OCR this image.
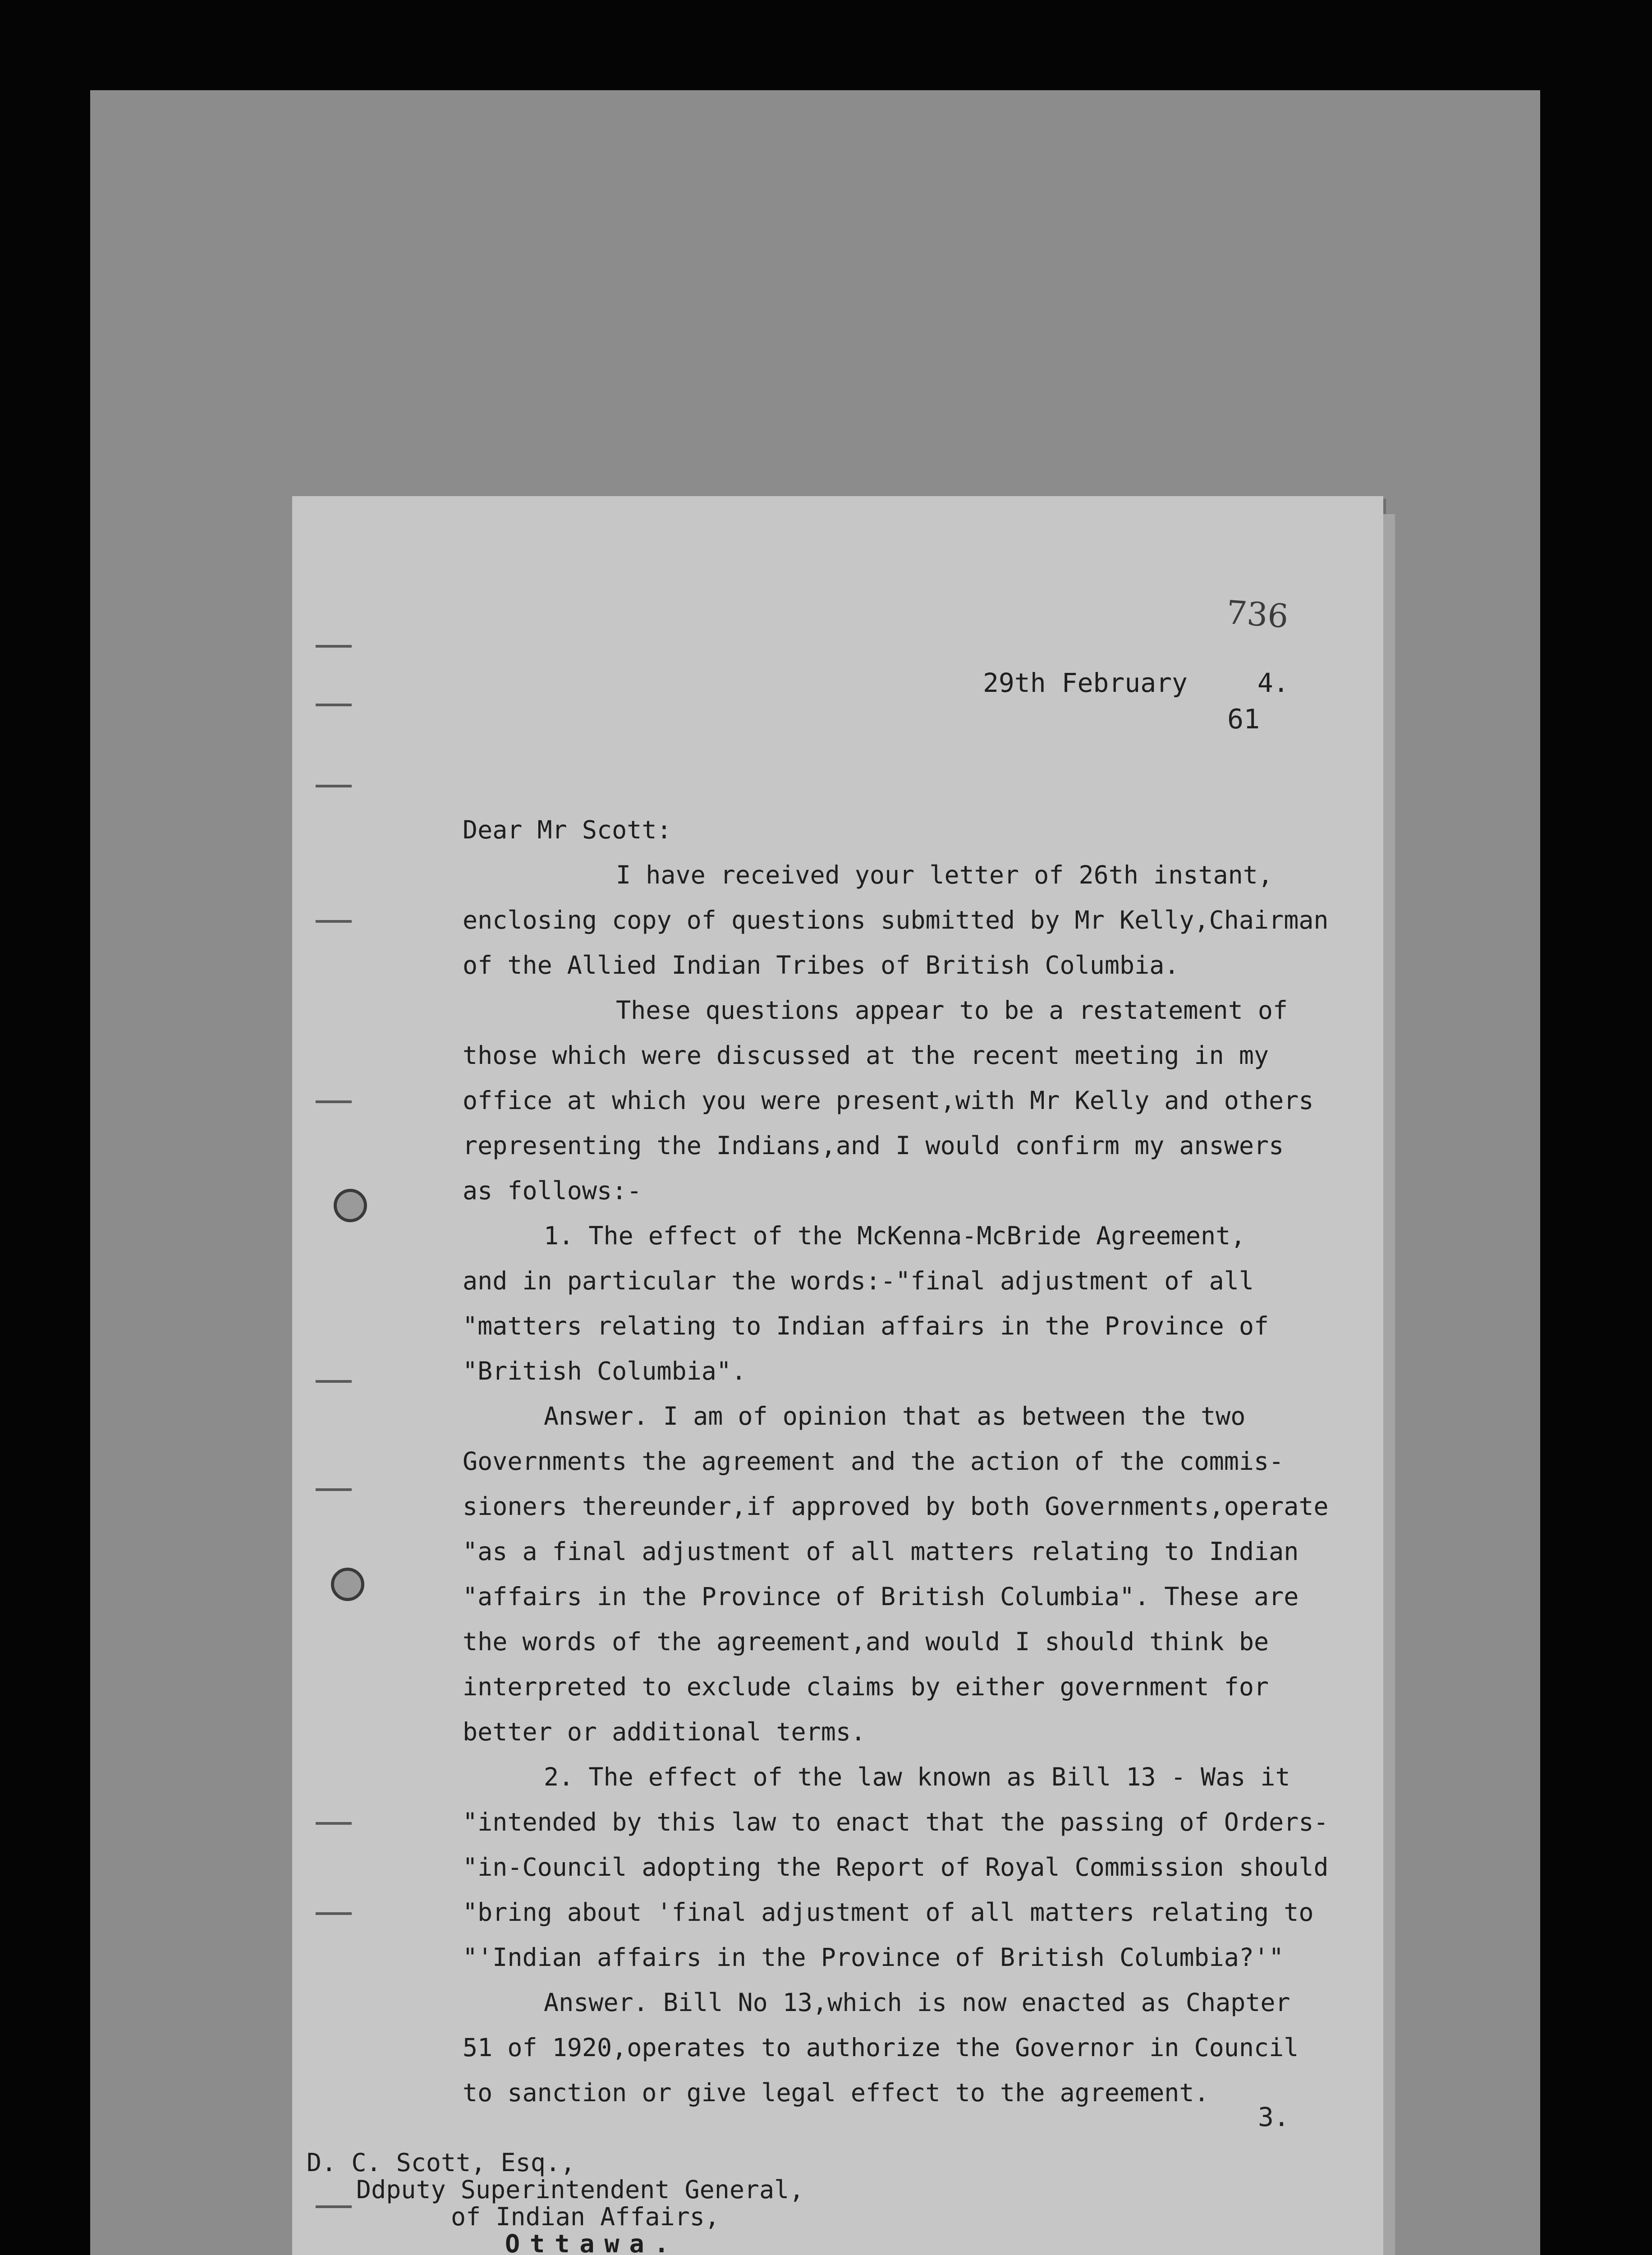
736
29th February	4.
61
Dear Mr Scott:
I have received your letter of 26th instant,
enclosing copy of questions submitted by Mr Kelly,Chairman
of the Allied Indian Tribes of British Columbia.
These questions appear to be a restatement of
those which were discussed at the recent meeting in my
office at which you were present,with Mr Kelly and others
representing the Indians,and I would confirm my answers
as follows:-
1. The effect of the McKenna-McBride Agreement,
and in particular the words:-"final adjustment of all
"matters relating to Indian affairs in the Province of
"British Columbia".
Answer. I am of opinion that as between the two
Governments the agreement and the action of the commis-
sioners thereunder,if approved by both Governments,operate
"as a final adjustment of all matters relating to Indian
"affairs in the Province of British Columbia". These are
the words of the agreement,and would I should think be
interpreted to exclude claims by either government for
better or additional terms.
2. The effect of the law known as Bill 13 - Was it
"intended by this law to enact that the passing of Orders-
"in-Council adopting the Report of Royal Commission should
"bring about 'final adjustment of all matters relating to
"'Indian affairs in the Province of British Columbia?'"
Answer. Bill No 13,which is now enacted as Chapter
51 of 1920,operates to authorize the Governor in Council
to sanction or give legal effect to the agreement.
3.
D. C. Scott, Esq.,
Ddputy Superintendent General,
of Indian Affairs,
Ottawa.
